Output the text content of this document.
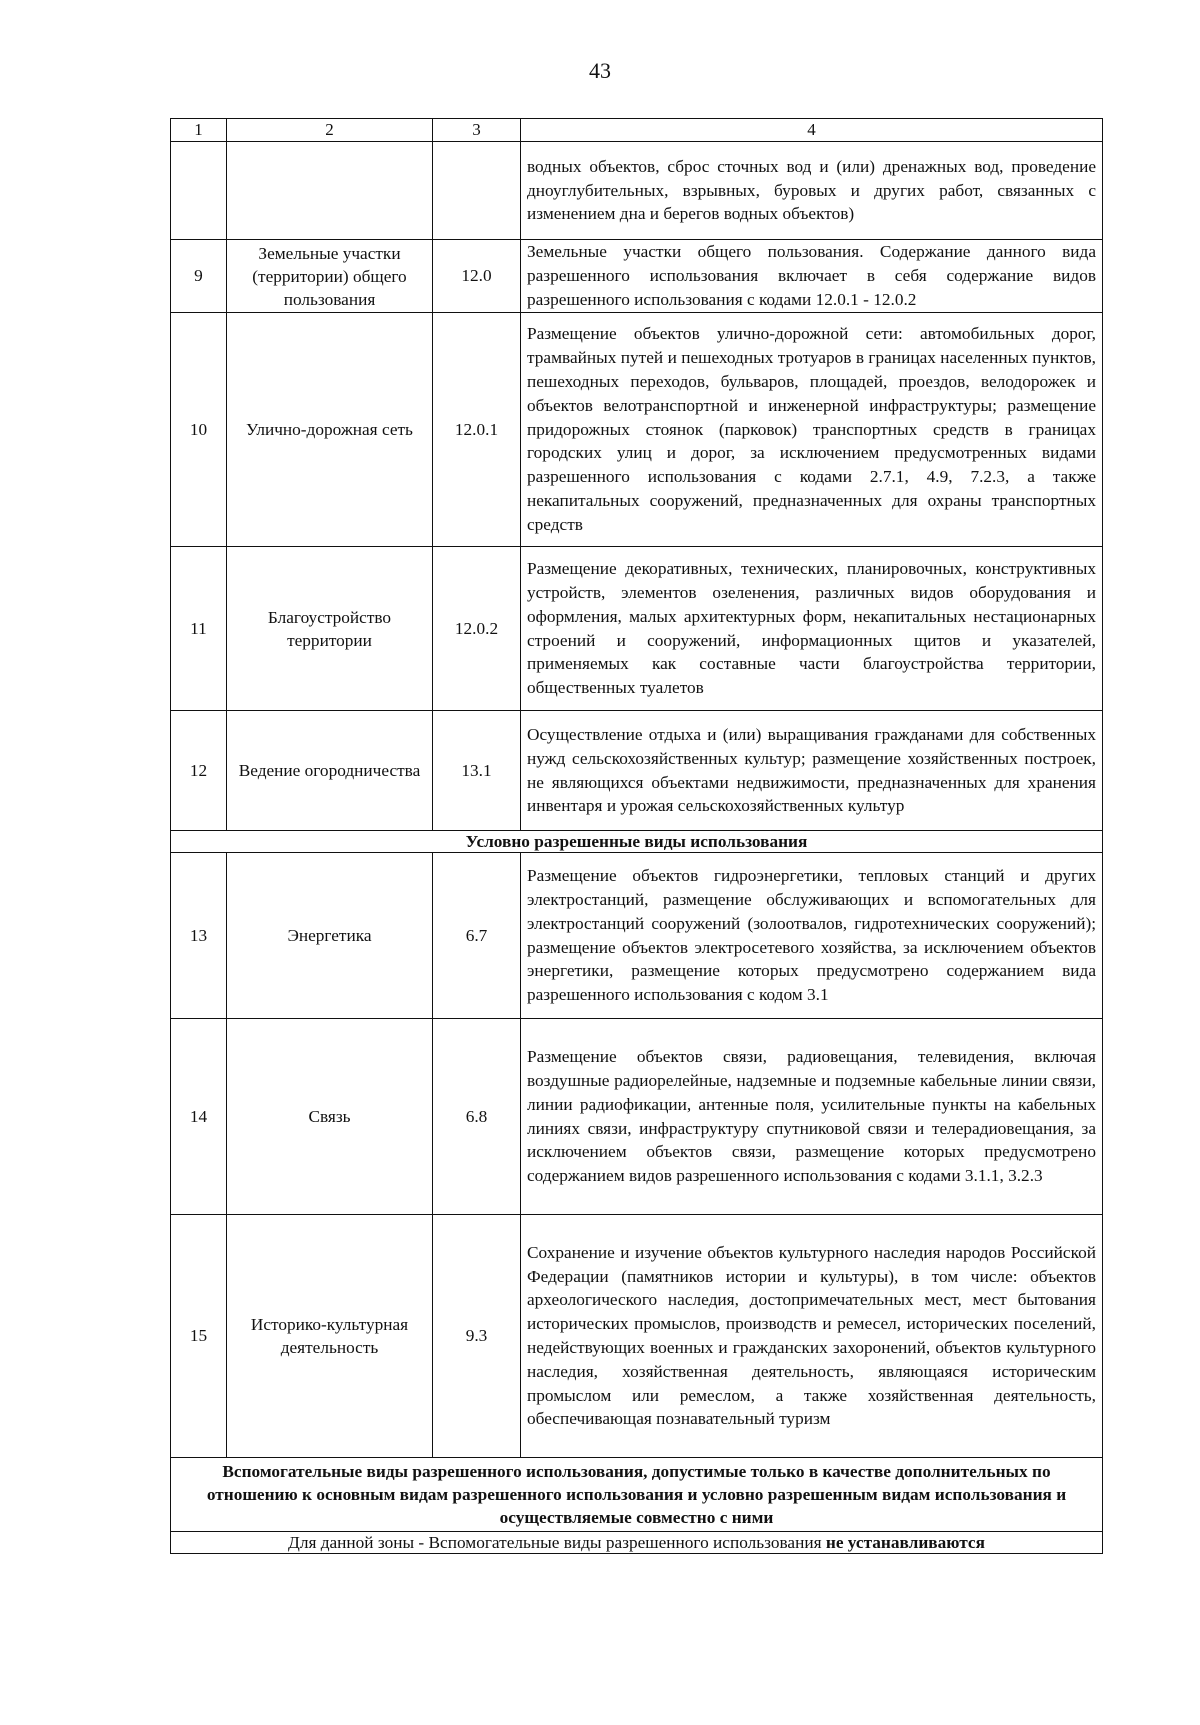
43
1	2	3	4
			водных объектов, сброс сточных вод и (или) дренажных вод, проведение дноуглубительных, взрывных, буровых и других работ, связанных с изменением дна и берегов водных объектов)
9	Земельные участки (территории) общего пользования	12.0	Земельные участки общего пользования. Содержание данного вида разрешенного использования включает в себя содержание видов разрешенного использования с кодами 12.0.1 - 12.0.2
10	Улично-дорожная сеть	12.0.1	Размещение объектов улично-дорожной сети: автомобильных дорог, трамвайных путей и пешеходных тротуаров в границах населенных пунктов, пешеходных переходов, бульваров, площадей, проездов, велодорожек и объектов велотранспортной и инженерной инфраструктуры; размещение придорожных стоянок (парковок) транспортных средств в границах городских улиц и дорог, за исключением предусмотренных видами разрешенного использования с кодами 2.7.1, 4.9, 7.2.3, а также некапитальных сооружений, предназначенных для охраны транспортных средств
11	Благоустройство территории	12.0.2	Размещение декоративных, технических, планировочных, конструктивных устройств, элементов озеленения, различных видов оборудования и оформления, малых архитектурных форм, некапитальных нестационарных строений и сооружений, информационных щитов и указателей, применяемых как составные части благоустройства территории, общественных туалетов
12	Ведение огородничества	13.1	Осуществление отдыха и (или) выращивания гражданами для собственных нужд сельскохозяйственных культур; размещение хозяйственных построек, не являющихся объектами недвижимости, предназначенных для хранения инвентаря и урожая сельскохозяйственных культур
Условно разрешенные виды использования			
13	Энергетика	6.7	Размещение объектов гидроэнергетики, тепловых станций и других электростанций, размещение обслуживающих и вспомогательных для электростанций сооружений (золоотвалов, гидротехнических сооружений); размещение объектов электросетевого хозяйства, за исключением объектов энергетики, размещение которых предусмотрено содержанием вида разрешенного использования с кодом 3.1
14	Связь	6.8	Размещение объектов связи, радиовещания, телевидения, включая воздушные радиорелейные, надземные и подземные кабельные линии связи, линии радиофикации, антенные поля, усилительные пункты на кабельных линиях связи, инфраструктуру спутниковой связи и телерадиовещания, за исключением объектов связи, размещение которых предусмотрено содержанием видов разрешенного использования с кодами 3.1.1, 3.2.3
15	Историко-культурная деятельность	9.3	Сохранение и изучение объектов культурного наследия народов Российской Федерации (памятников истории и культуры), в том числе: объектов археологического наследия, достопримечательных мест, мест бытования исторических промыслов, производств и ремесел, исторических поселений, недействующих военных и гражданских захоронений, объектов культурного наследия, хозяйственная деятельность, являющаяся историческим промыслом или ремеслом, а также хозяйственная деятельность, обеспечивающая познавательный туризм
Вспомогательные виды разрешенного использования, допустимые только в качестве дополнительных по отношению к основным видам разрешенного использования и условно разрешенным видам использования и осуществляемые совместно с ними			
Для данной зоны - Вспомогательные виды разрешенного использования не устанавливаются			
